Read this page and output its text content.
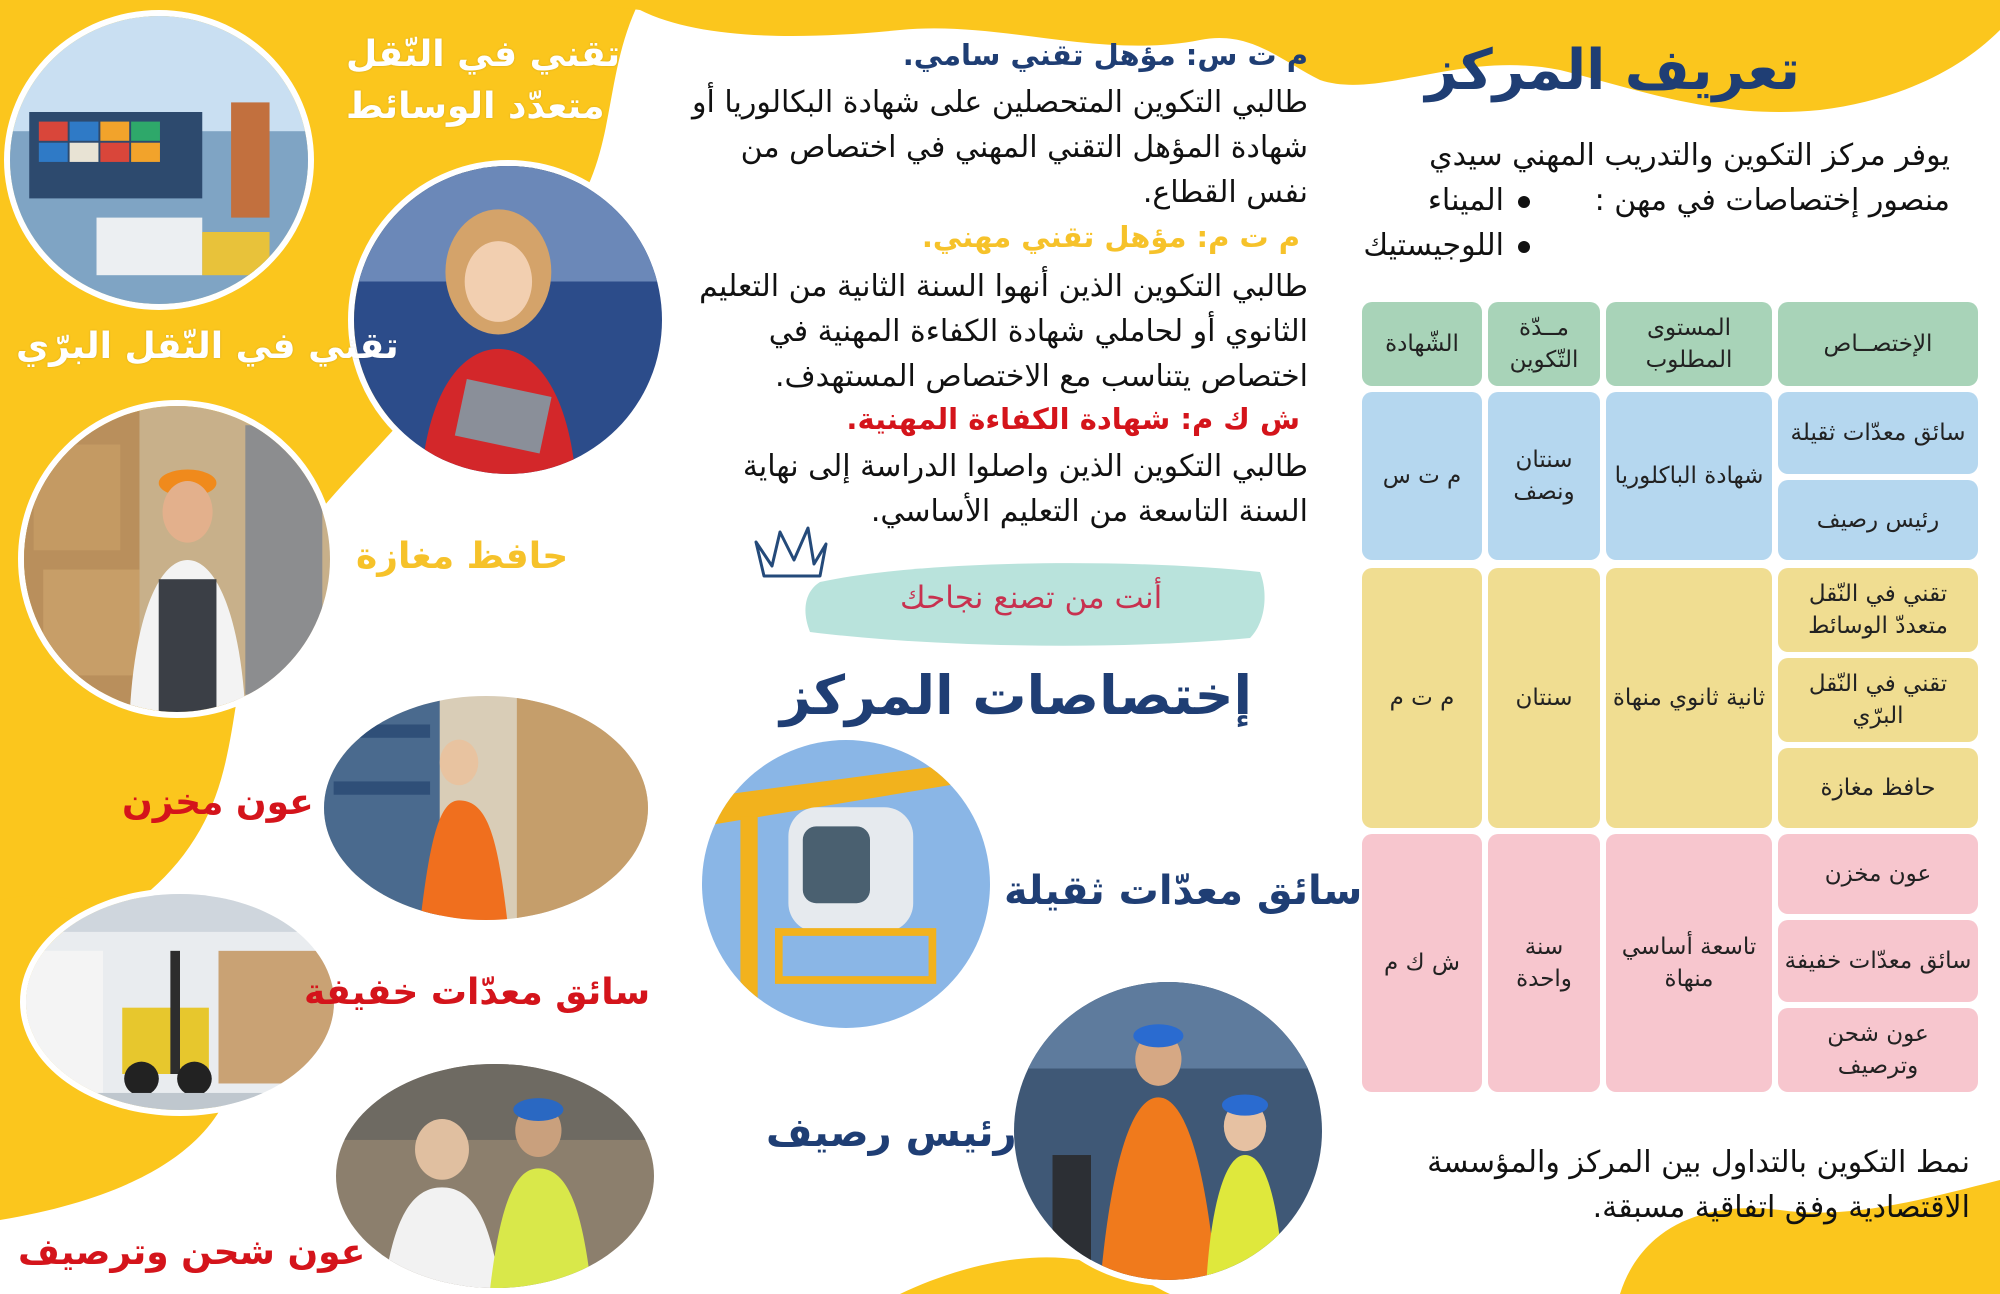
تعريف المركز
يوفر مركز التكوين والتدريب المهني سيدي
منصور إختصاصات في مهن :
الميناء
اللوجيستيك
الإختصــاص
المستوى المطلوب
مــدّة التّكوين
الشّهادة
سائق معدّات ثقيلة
رئيس رصيف
شهادة الباكلوريا
سنتان ونصف
م ت س
تقني في النّقل متعددّ الوسائط
تقني في النّقل البرّي
حافظ مغازة
ثانية ثانوي منهاة
سنتان
م ت م
عون مخزن
سائق معدّات خفيفة
عون شحن وترصيف
تاسعة أساسي منهاة
سنة واحدة
ش ك م
نمط التكوين بالتداول بين المركز والمؤسسة
الاقتصادية وفق اتفاقية مسبقة.
م ت س: مؤهل تقني سامي.
طالبي التكوين المتحصلين على شهادة البكالوريا أو
شهادة المؤهل التقني المهني في اختصاص من
نفس القطاع.
م ت م: مؤهل تقني مهني.
طالبي التكوين الذين أنهوا السنة الثانية من التعليم
الثانوي أو لحاملي شهادة الكفاءة المهنية في
اختصاص يتناسب مع الاختصاص المستهدف.
ش ك م: شهادة الكفاءة المهنية.
طالبي التكوين الذين واصلوا الدراسة إلى نهاية
السنة التاسعة من التعليم الأساسي.
أنت من تصنع نجاحك
إختصاصات المركز
تقني في النّقل
متعدّد الوسائط
تقني في النّقل البرّي
حافظ مغازة
عون مخزن
سائق معدّات خفيفة
عون شحن وترصيف
سائق معدّات ثقيلة
رئيس رصيف
